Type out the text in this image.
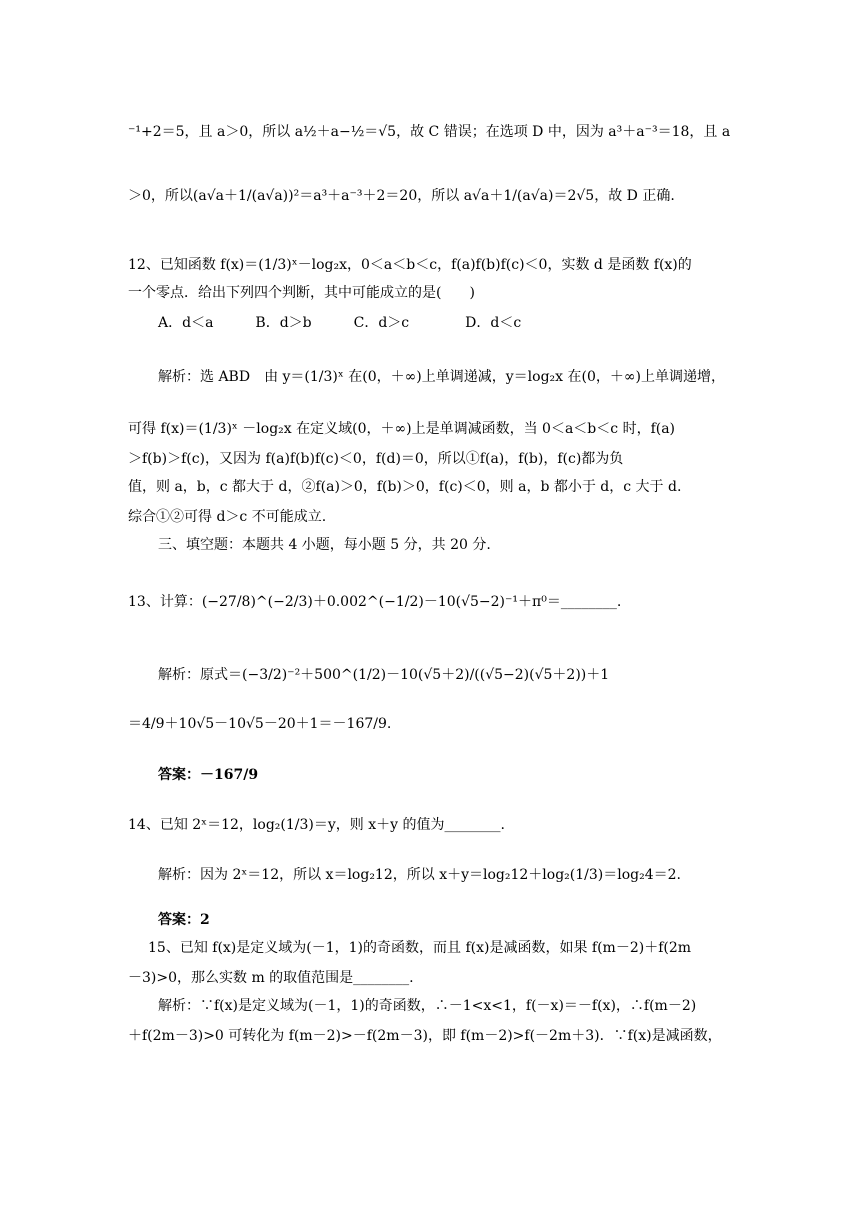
⁻¹+2＝5，且 a＞0，所以 a½＋a−½＝√5，故 C 错误；在选项 D 中，因为 a³＋a⁻³＝18，且 a
＞0，所以(a√a＋1/(a√a))²＝a³＋a⁻³＋2＝20，所以 a√a＋1/(a√a)＝2√5，故 D 正确.
12、已知函数 f(x)＝(1/3)ˣ－log₂x，0＜a＜b＜c，f(a)f(b)f(c)＜0，实数 d 是函数 f(x)的
一个零点．给出下列四个判断，其中可能成立的是(　　)
A．d＜a　　　B．d＞b　　　C．d＞c　　　　D．d＜c
解析：选 ABD　由 y＝(1/3)ˣ 在(0，＋∞)上单调递减，y＝log₂x 在(0，＋∞)上单调递增，
可得 f(x)＝(1/3)ˣ －log₂x 在定义域(0，＋∞)上是单调减函数，当 0＜a＜b＜c 时，f(a)
＞f(b)＞f(c)，又因为 f(a)f(b)f(c)＜0，f(d)＝0，所以①f(a)，f(b)，f(c)都为负
值，则 a，b，c 都大于 d，②f(a)＞0，f(b)＞0，f(c)＜0，则 a，b 都小于 d，c 大于 d.
综合①②可得 d＞c 不可能成立.
三、填空题：本题共 4 小题，每小题 5 分，共 20 分.
13、计算：(−27/8)^(−2/3)＋0.002^(−1/2)－10(√5−2)⁻¹＋π⁰＝________.
解析：原式＝(−3/2)⁻²＋500^(1/2)－10(√5＋2)/((√5−2)(√5＋2))＋1
＝4/9＋10√5－10√5－20＋1＝－167/9.
答案：－167/9
14、已知 2ˣ＝12，log₂(1/3)＝y，则 x＋y 的值为________.
解析：因为 2ˣ＝12，所以 x＝log₂12，所以 x＋y＝log₂12＋log₂(1/3)＝log₂4＝2.
答案：2
15、已知 f(x)是定义域为(－1，1)的奇函数，而且 f(x)是减函数，如果 f(m－2)＋f(2m
－3)>0，那么实数 m 的取值范围是________.
解析：∵f(x)是定义域为(－1，1)的奇函数，∴－1<x<1，f(－x)＝－f(x)，∴f(m－2)
＋f(2m－3)>0 可转化为 f(m－2)>－f(2m－3)，即 f(m－2)>f(－2m＋3)．∵f(x)是减函数，
